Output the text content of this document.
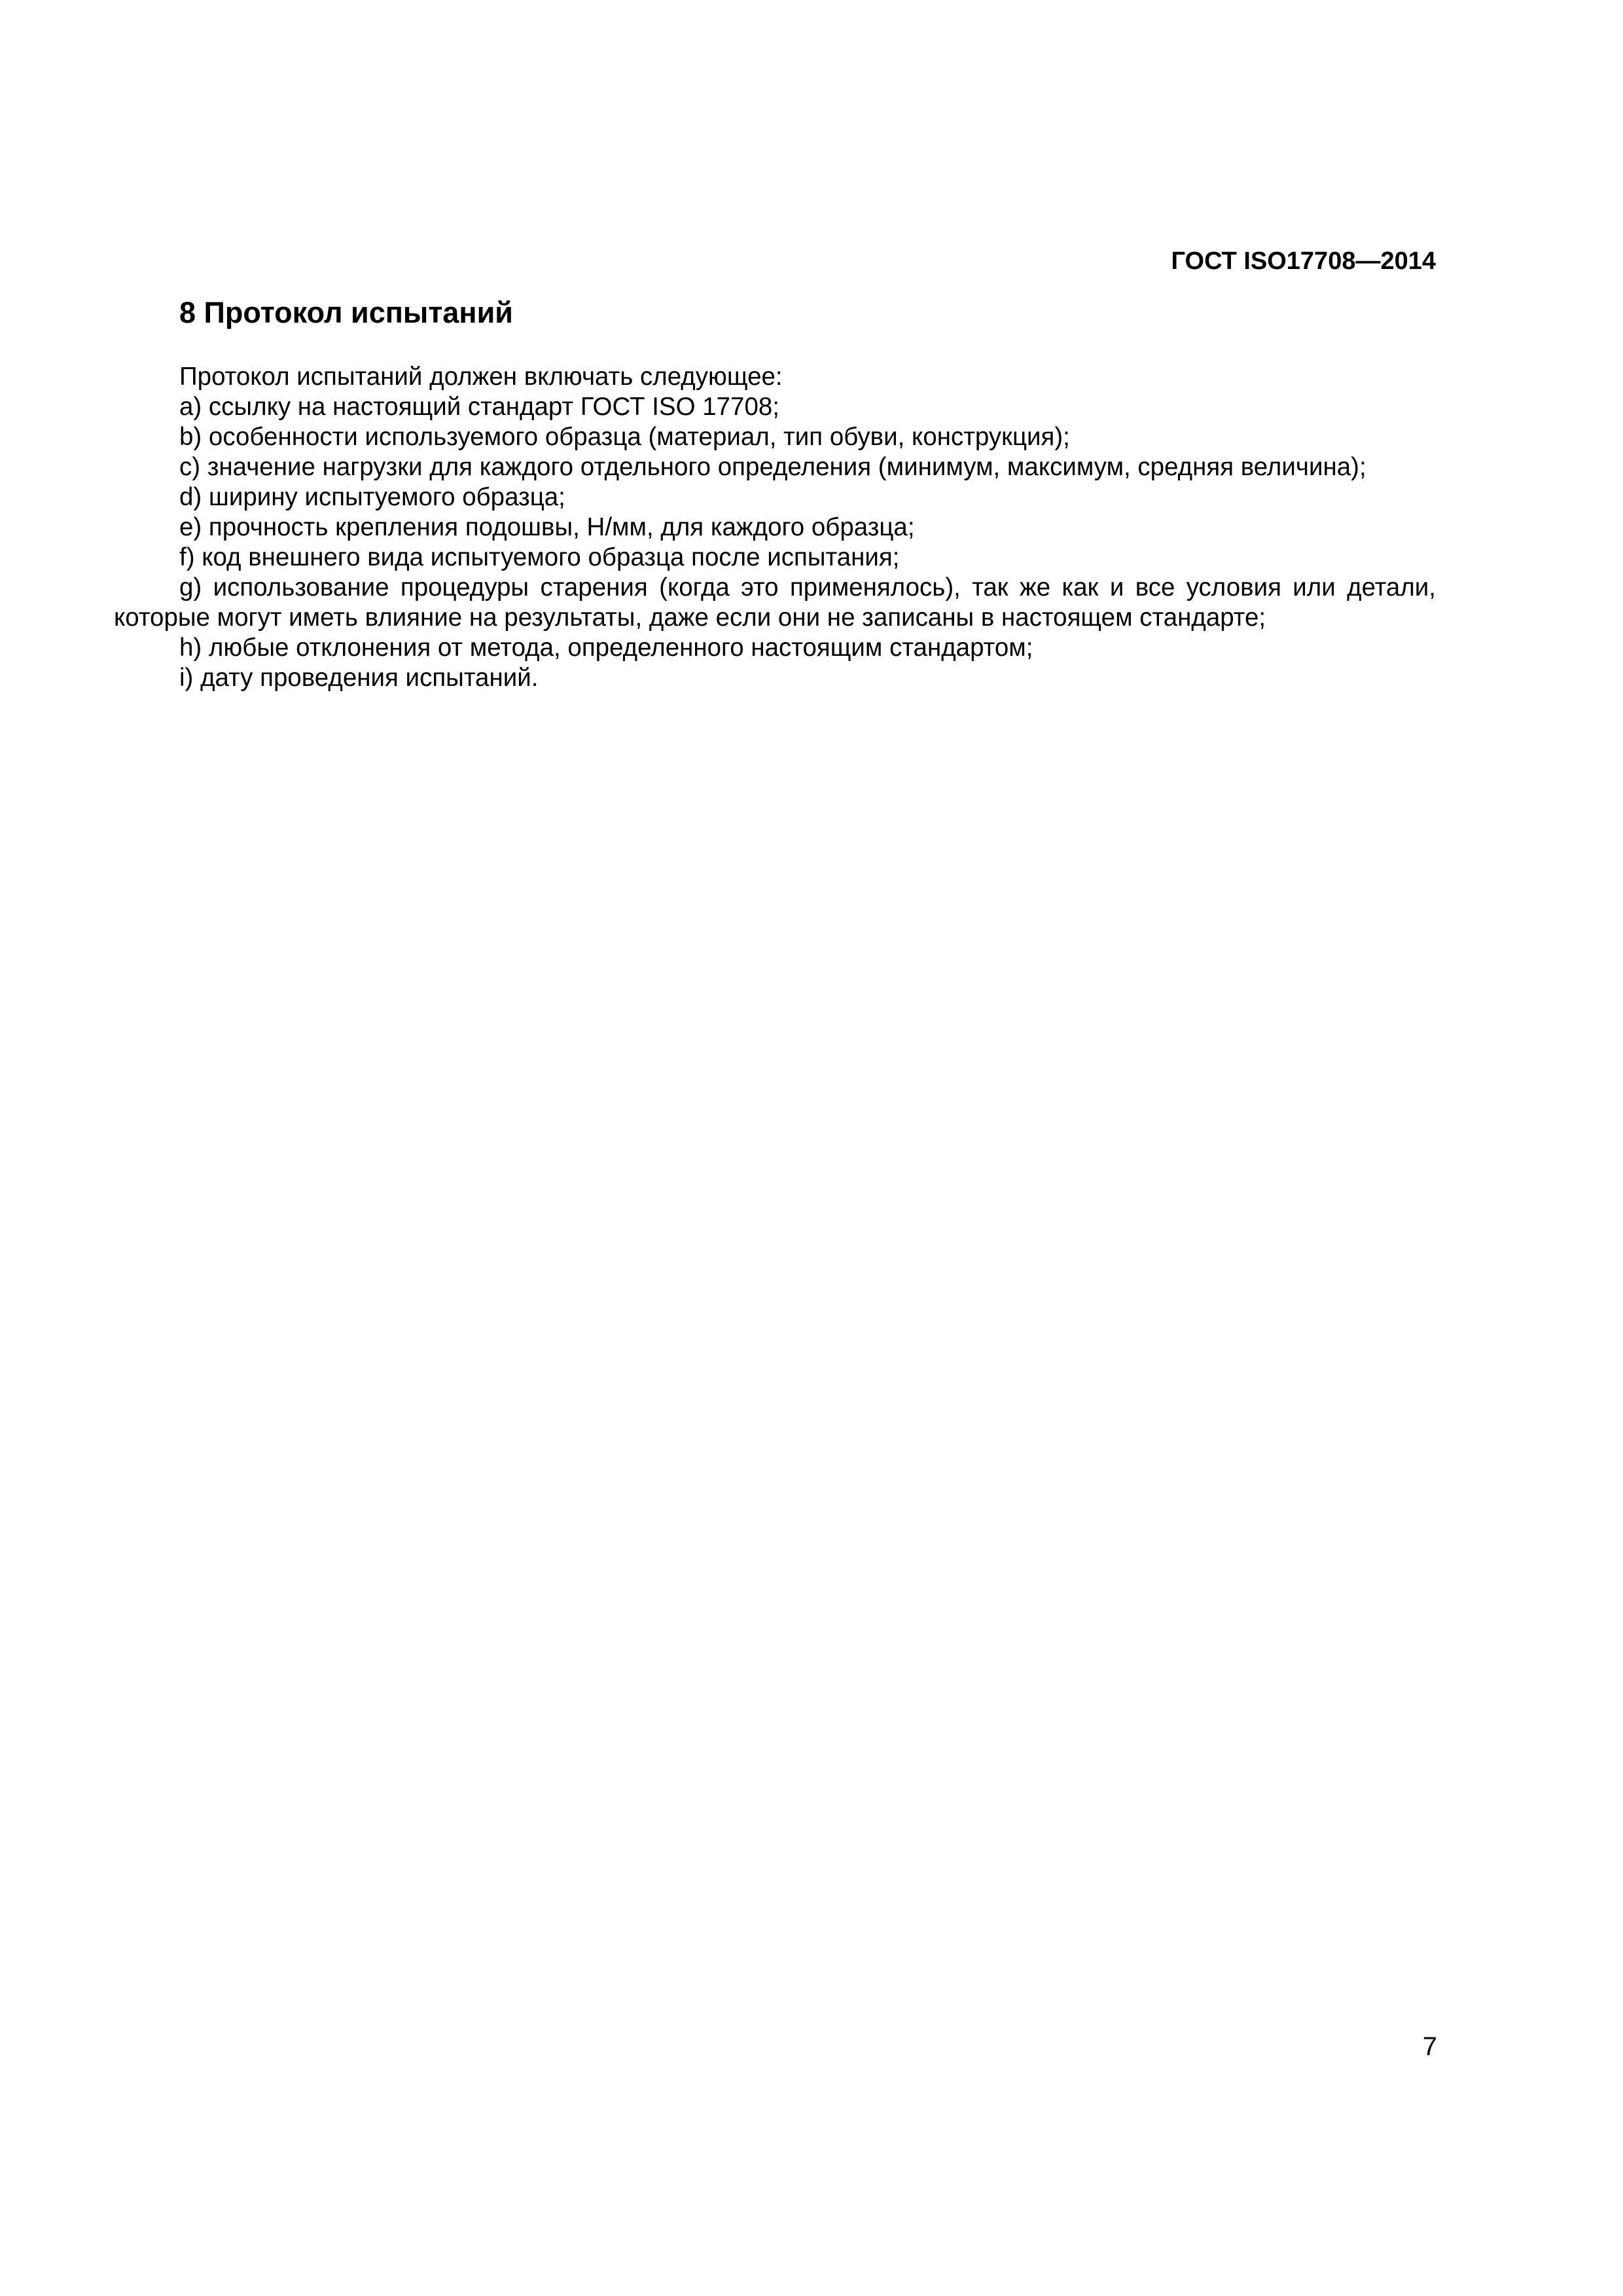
ГОСТ ISO17708—2014

8 Протокол испытаний

Протокол испытаний должен включать следующее:

a) ссылку на настоящий стандарт ГОСТ ISO 17708;

b) особенности используемого образца (материал, тип обуви, конструкция);

c) значение нагрузки для каждого отдельного определения (минимум, максимум, средняя величина);

d) ширину испытуемого образца;

e) прочность крепления подошвы, Н/мм, для каждого образца;

f) код внешнего вида испытуемого образца после испытания;

g) использование процедуры старения (когда это применялось), так же как и все условия или детали, которые могут иметь влияние на результаты, даже если они не записаны в настоящем стандарте;

h) любые отклонения от метода, определенного настоящим стандартом;

i) дату проведения испытаний.

7
